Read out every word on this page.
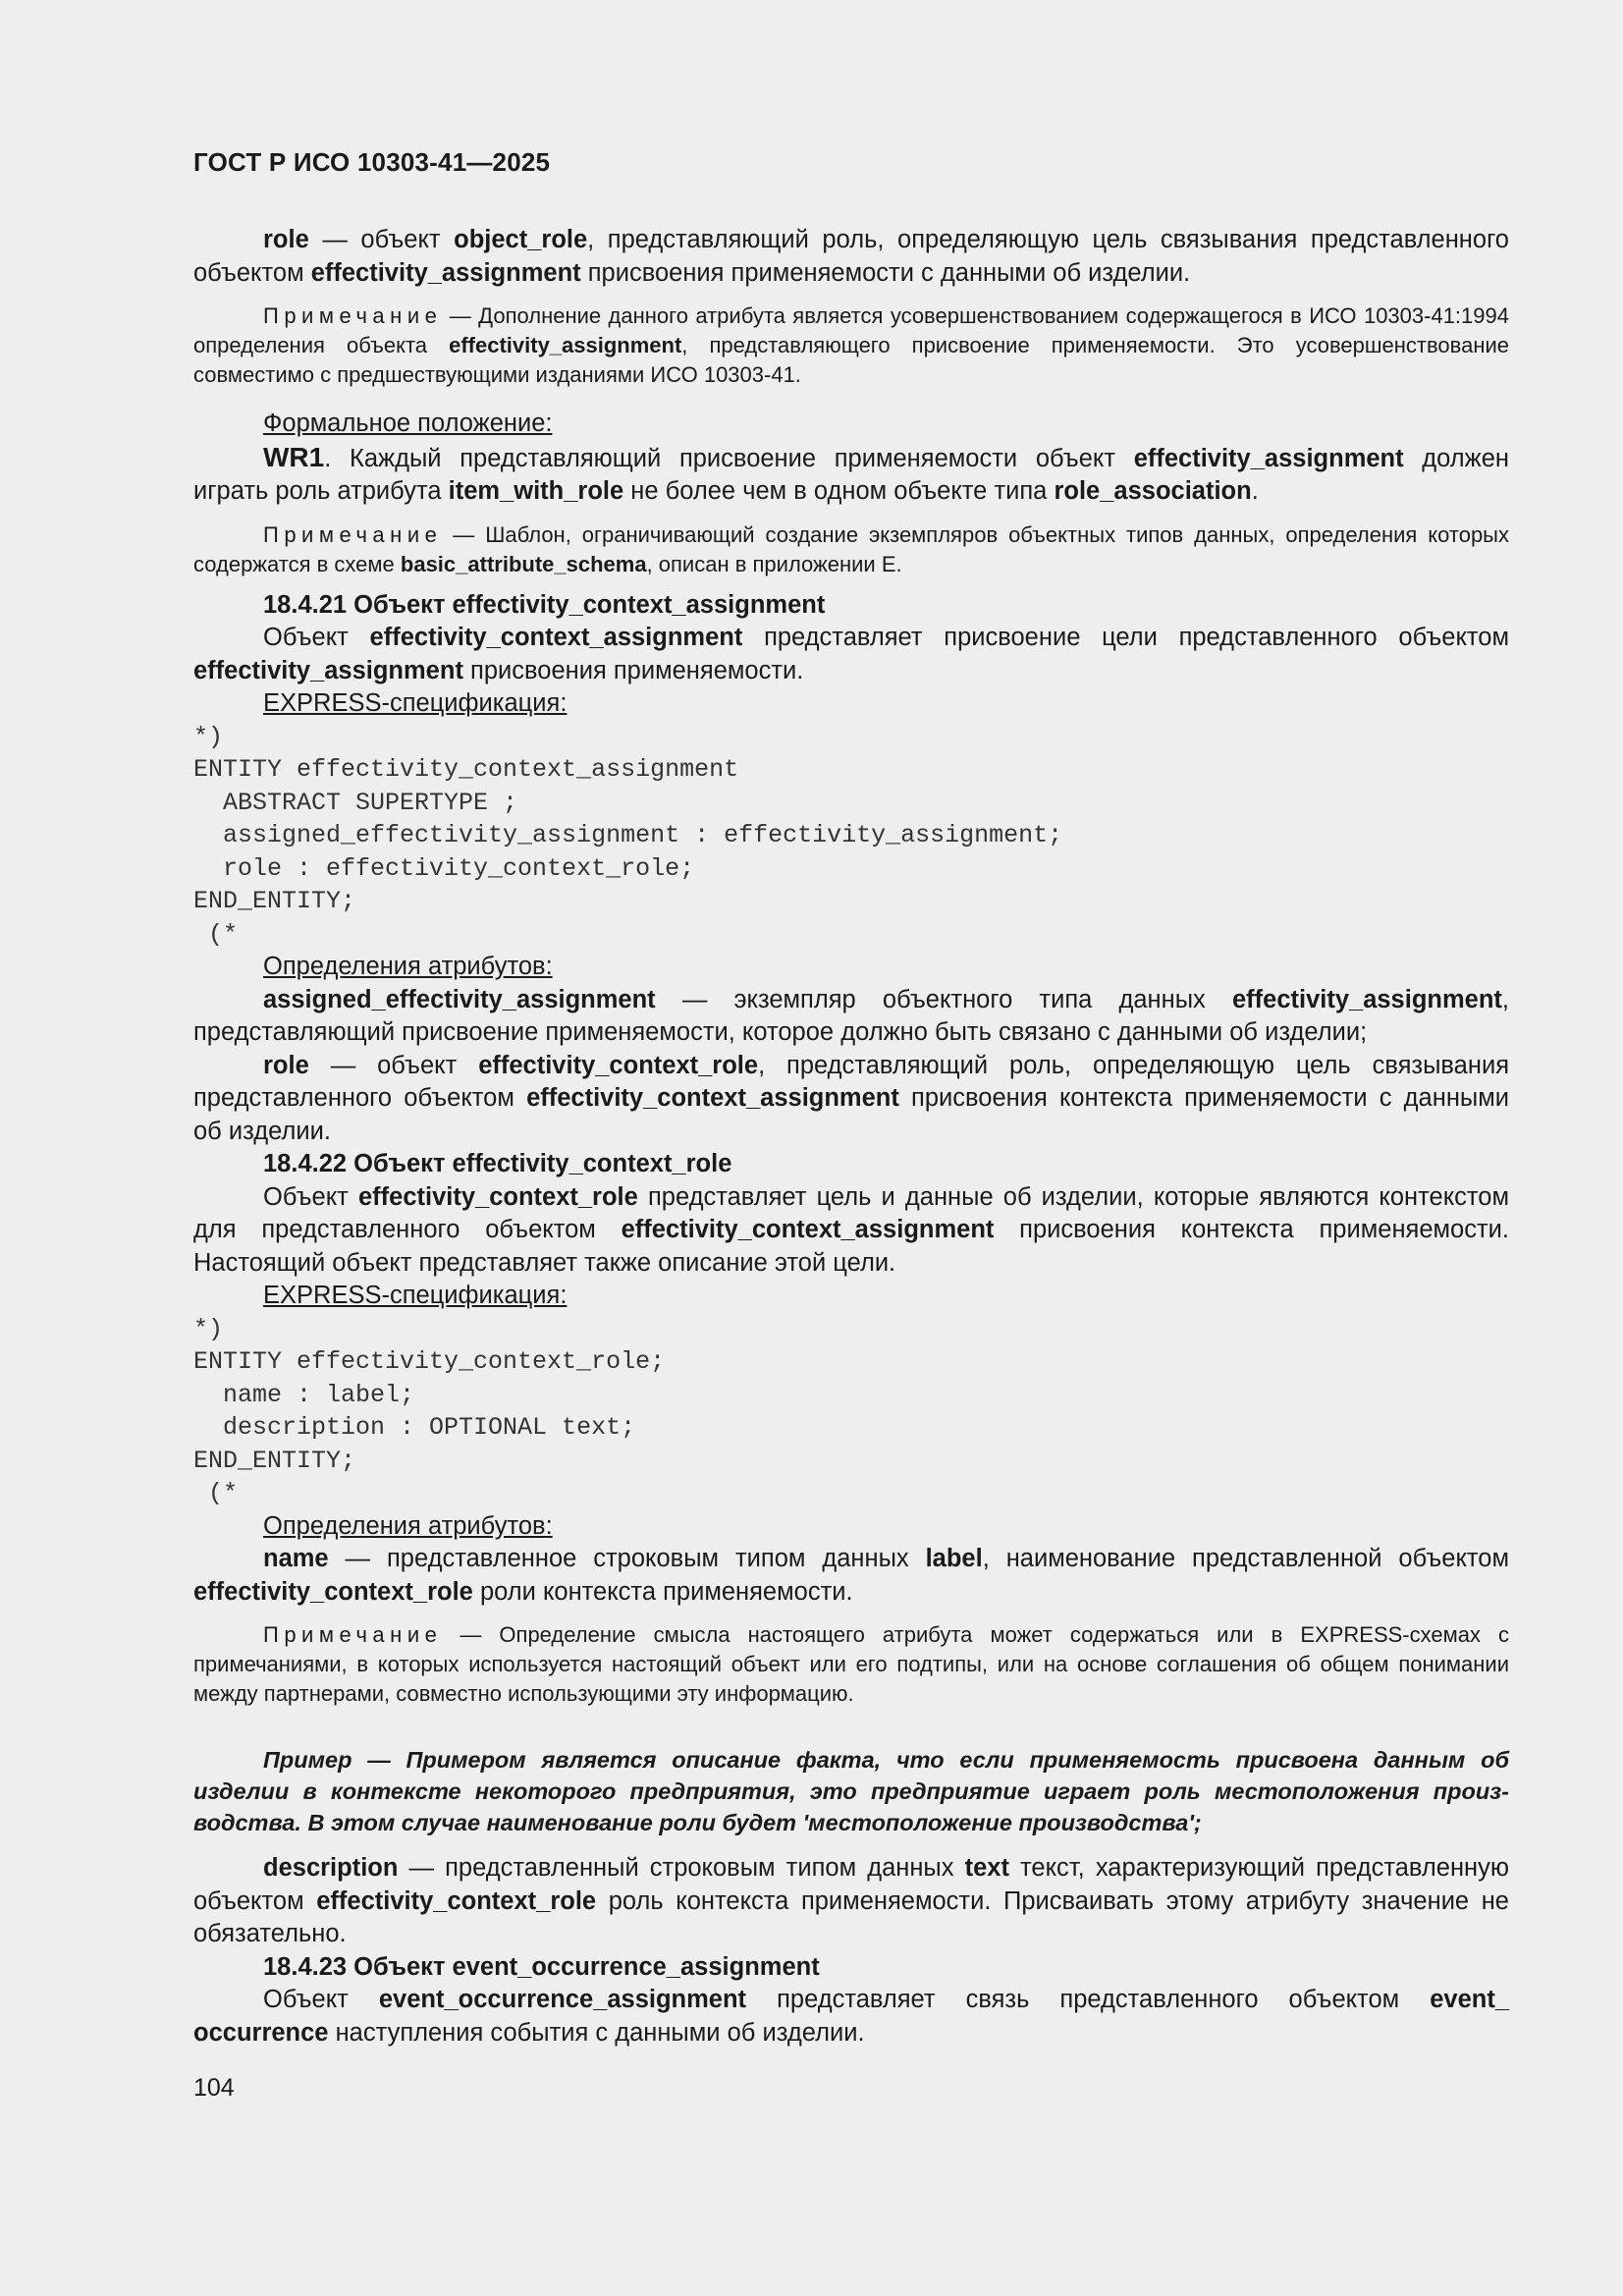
ГОСТ Р ИСО 10303-41—2025

role — объект object_role, представляющий роль, определяющую цель связывания представленного объектом effectivity_assignment присвоения применяемости с данными об изделии.

Примечание — Дополнение данного атрибута является усовершенствованием содержащегося в ИСО 10303-41:1994 определения объекта effectivity_assignment, представляющего присвоение применяемости. Это усовершенствование совместимо с предшествующими изданиями ИСО 10303-41.

Формальное положение:

WR1. Каждый представляющий присвоение применяемости объект effectivity_assignment должен играть роль атрибута item_with_role не более чем в одном объекте типа role_association.

Примечание — Шаблон, ограничивающий создание экземпляров объектных типов данных, определения которых содержатся в схеме basic_attribute_schema, описан в приложении E.

18.4.21 Объект effectivity_context_assignment

Объект effectivity_context_assignment представляет присвоение цели представленного объектом effectivity_assignment присвоения применяемости.

EXPRESS-спецификация:

*)
ENTITY effectivity_context_assignment
ABSTRACT SUPERTYPE ;
assigned_effectivity_assignment : effectivity_assignment;
role : effectivity_context_role;
END_ENTITY;
(*

Определения атрибутов:

assigned_effectivity_assignment — экземпляр объектного типа данных effectivity_assignment, представляющий присвоение применяемости, которое должно быть связано с данными об изделии;

role — объект effectivity_context_role, представляющий роль, определяющую цель связывания представленного объектом effectivity_context_assignment присвоения контекста применяемости с данными об изделии.

18.4.22 Объект effectivity_context_role

Объект effectivity_context_role представляет цель и данные об изделии, которые являются контекстом для представленного объектом effectivity_context_assignment присвоения контекста применяемости. Настоящий объект представляет также описание этой цели.

EXPRESS-спецификация:

*)
ENTITY effectivity_context_role;
name : label;
description : OPTIONAL text;
END_ENTITY;
(*

Определения атрибутов:

name — представленное строковым типом данных label, наименование представленной объектом effectivity_context_role роли контекста применяемости.

Примечание — Определение смысла настоящего атрибута может содержаться или в EXPRESS-схемах с примечаниями, в которых используется настоящий объект или его подтипы, или на основе соглашения об общем понимании между партнерами, совместно использующими эту информацию.

Пример — Примером является описание факта, что если применяемость присвоена данным об изделии в контексте некоторого предприятия, это предприятие играет роль местоположения производства. В этом случае наименование роли будет 'местоположение производства';

description — представленный строковым типом данных text текст, характеризующий представленную объектом effectivity_context_role роль контекста применяемости. Присваивать этому атрибуту значение не обязательно.

18.4.23 Объект event_occurrence_assignment

Объект event_occurrence_assignment представляет связь представленного объектом event_ occurrence наступления события с данными об изделии.

104
